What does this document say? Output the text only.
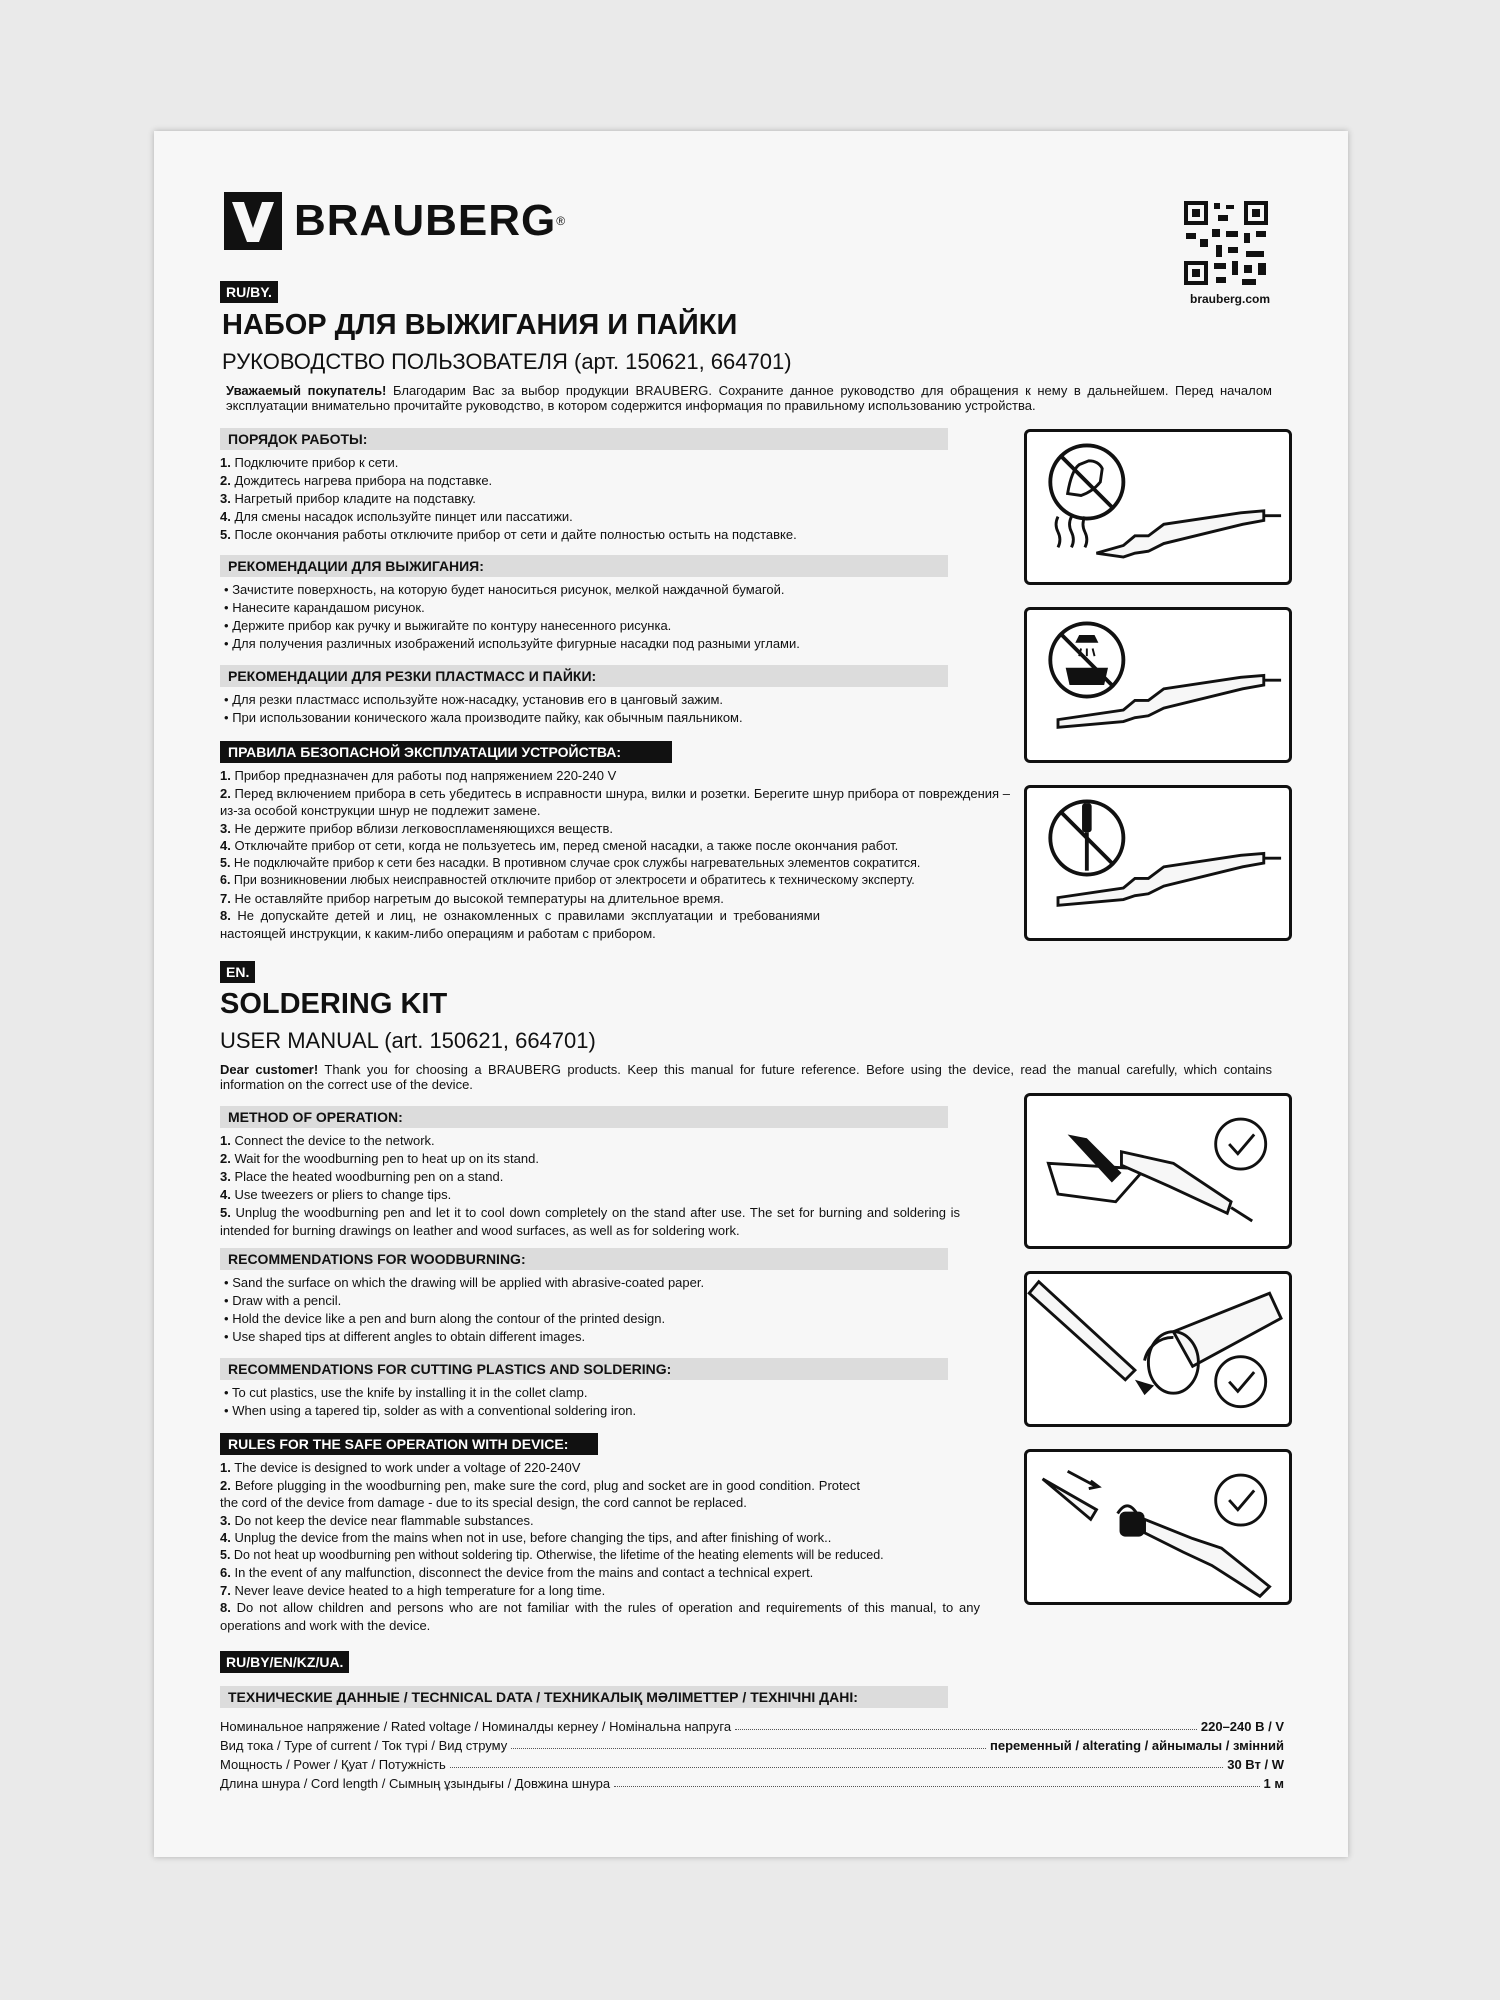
BRAUBERG ®
brauberg.com
RU/BY.
НАБОР ДЛЯ ВЫЖИГАНИЯ И ПАЙКИ
РУКОВОДСТВО ПОЛЬЗОВАТЕЛЯ (арт. 150621, 664701)
Уважаемый покупатель! Благодарим Вас за выбор продукции BRAUBERG. Сохраните данное руководство для обращения к нему в дальнейшем. Перед началом эксплуатации внимательно прочитайте руководство, в котором содержится информация по правильному использованию устройства.
ПОРЯДОК РАБОТЫ:
1. Подключите прибор к сети.
2. Дождитесь нагрева прибора на подставке.
3. Нагретый прибор кладите на подставку.
4. Для смены насадок используйте пинцет или пассатижи.
5. После окончания работы отключите прибор от сети и дайте полностью остыть на подставке.
РЕКОМЕНДАЦИИ ДЛЯ ВЫЖИГАНИЯ:
• Зачистите поверхность, на которую будет наноситься рисунок, мелкой наждачной бумагой.
• Нанесите карандашом рисунок.
• Держите прибор как ручку и выжигайте по контуру нанесенного рисунка.
• Для получения различных изображений используйте фигурные насадки под разными углами.
РЕКОМЕНДАЦИИ ДЛЯ РЕЗКИ ПЛАСТМАСС И ПАЙКИ:
• Для резки пластмасс используйте нож-насадку, установив его в цанговый зажим.
• При использовании конического жала производите пайку, как обычным паяльником.
ПРАВИЛА БЕЗОПАСНОЙ ЭКСПЛУАТАЦИИ УСТРОЙСТВА:
1. Прибор предназначен для работы под напряжением 220-240 V
2. Перед включением прибора в сеть убедитесь в исправности шнура, вилки и розетки. Берегите шнур прибора от повреждения – из-за особой конструкции шнур не подлежит замене.
3. Не держите прибор вблизи легковоспламеняющихся веществ.
4. Отключайте прибор от сети, когда не пользуетесь им, перед сменой насадки, а также после окончания работ.
5. Не подключайте прибор к сети без насадки. В противном случае срок службы нагревательных элементов сократится.
6. При возникновении любых неисправностей отключите прибор от электросети и обратитесь к техническому эксперту.
7. Не оставляйте прибор нагретым до высокой температуры на длительное время.
8. Не допускайте детей и лиц, не ознакомленных с правилами эксплуатации и требованиями настоящей инструкции, к каким-либо операциям и работам с прибором.
EN.
SOLDERING KIT
USER MANUAL (art. 150621, 664701)
Dear customer! Thank you for choosing a BRAUBERG products. Keep this manual for future reference. Before using the device, read the manual carefully, which contains information on the correct use of the device.
METHOD OF OPERATION:
1. Connect the device to the network.
2. Wait for the woodburning pen to heat up on its stand.
3. Place the heated woodburning pen on a stand.
4. Use tweezers or pliers to change tips.
5. Unplug the woodburning pen and let it to cool down completely on the stand after use. The set for burning and soldering is intended for burning drawings on leather and wood surfaces, as well as for soldering work.
RECOMMENDATIONS FOR WOODBURNING:
• Sand the surface on which the drawing will be applied with abrasive-coated paper.
• Draw with a pencil.
• Hold the device like a pen and burn along the contour of the printed design.
• Use shaped tips at different angles to obtain different images.
RECOMMENDATIONS FOR CUTTING PLASTICS AND SOLDERING:
• To cut plastics, use the knife by installing it in the collet clamp.
• When using a tapered tip, solder as with a conventional soldering iron.
RULES FOR THE SAFE OPERATION WITH DEVICE:
1. The device is designed to work under a voltage of 220-240V
2. Before plugging in the woodburning pen, make sure the cord, plug and socket are in good condition. Protect the cord of the device from damage - due to its special design, the cord cannot be replaced.
3. Do not keep the device near flammable substances.
4. Unplug the device from the mains when not in use, before changing the tips, and after finishing of work..
5. Do not heat up woodburning pen without soldering tip. Otherwise, the lifetime of the heating elements will be reduced.
6. In the event of any malfunction, disconnect the device from the mains and contact a technical expert.
7. Never leave device heated to a high temperature for a long time.
8. Do not allow children and persons who are not familiar with the rules of operation and requirements of this manual, to any operations and work with the device.
RU/BY/EN/KZ/UA.
ТЕХНИЧЕСКИЕ ДАННЫЕ / TECHNICAL DATA / ТЕХНИКАЛЫҚ МӘЛІМЕТТЕР / ТЕХНІЧНІ ДАНІ:
Номинальное напряжение / Rated voltage / Номиналды кернеу / Номінальна напруга	220–240 В / V
Вид тока / Type of current / Ток түрі / Вид струму	переменный / alterating / айнымалы / змінний
Мощность / Power / Қуат / Потужність	30 Вт / W
Длина шнура / Cord length / Сымның ұзындығы / Довжина шнура	1 м
